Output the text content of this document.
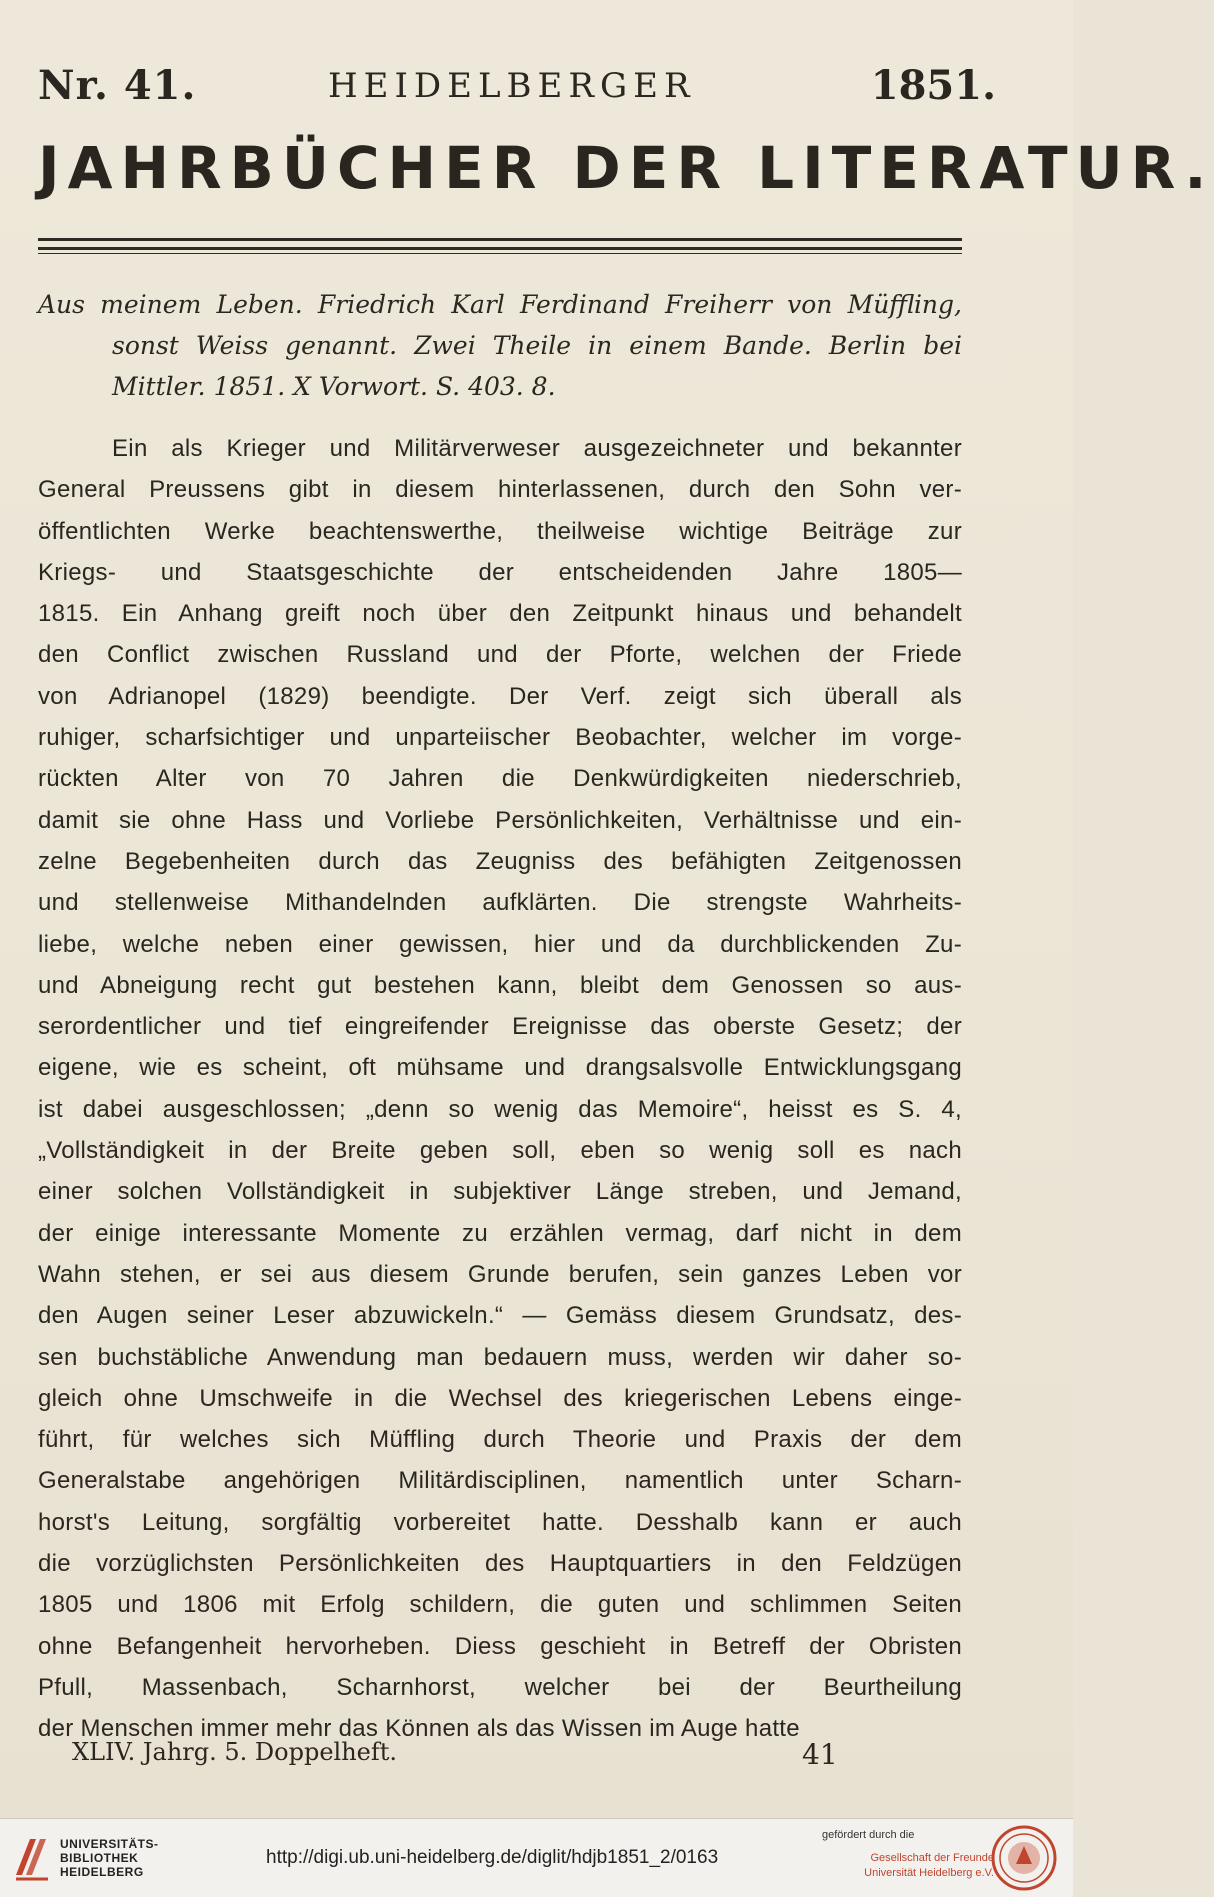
Nr. 41.	HEIDELBERGER	1851.
JAHRBÜCHER DER LITERATUR.
Aus meinem Leben. Friedrich Karl Ferdinand Freiherr von Müffling,
sonst Weiss genannt. Zwei Theile in einem Bande. Berlin bei
Mittler. 1851. X Vorwort. S. 403. 8.
Ein als Krieger und Militärverweser ausgezeichneter und bekannter
General Preussens gibt in diesem hinterlassenen, durch den Sohn ver-
öffentlichten Werke beachtenswerthe, theilweise wichtige Beiträge zur
Kriegs- und Staatsgeschichte der entscheidenden Jahre 1805—
1815. Ein Anhang greift noch über den Zeitpunkt hinaus und behandelt
den Conflict zwischen Russland und der Pforte, welchen der Friede
von Adrianopel (1829) beendigte. Der Verf. zeigt sich überall als
ruhiger, scharfsichtiger und unparteiischer Beobachter, welcher im vorge-
rückten Alter von 70 Jahren die Denkwürdigkeiten niederschrieb,
damit sie ohne Hass und Vorliebe Persönlichkeiten, Verhältnisse und ein-
zelne Begebenheiten durch das Zeugniss des befähigten Zeitgenossen
und stellenweise Mithandelnden aufklärten. Die strengste Wahrheits-
liebe, welche neben einer gewissen, hier und da durchblickenden Zu-
und Abneigung recht gut bestehen kann, bleibt dem Genossen so aus-
serordentlicher und tief eingreifender Ereignisse das oberste Gesetz; der
eigene, wie es scheint, oft mühsame und drangsalsvolle Entwicklungsgang
ist dabei ausgeschlossen; „denn so wenig das Memoire“, heisst es S. 4,
„Vollständigkeit in der Breite geben soll, eben so wenig soll es nach
einer solchen Vollständigkeit in subjektiver Länge streben, und Jemand,
der einige interessante Momente zu erzählen vermag, darf nicht in dem
Wahn stehen, er sei aus diesem Grunde berufen, sein ganzes Leben vor
den Augen seiner Leser abzuwickeln.“ — Gemäss diesem Grundsatz, des-
sen buchstäbliche Anwendung man bedauern muss, werden wir daher so-
gleich ohne Umschweife in die Wechsel des kriegerischen Lebens einge-
führt, für welches sich Müffling durch Theorie und Praxis der dem
Generalstabe angehörigen Militärdisciplinen, namentlich unter Scharn-
horst's Leitung, sorgfältig vorbereitet hatte. Desshalb kann er auch
die vorzüglichsten Persönlichkeiten des Hauptquartiers in den Feldzügen
1805 und 1806 mit Erfolg schildern, die guten und schlimmen Seiten
ohne Befangenheit hervorheben. Diess geschieht in Betreff der Obristen
Pfull, Massenbach, Scharnhorst, welcher bei der Beurtheilung
der Menschen immer mehr das Können als das Wissen im Auge hatte
XLIV. Jahrg. 5. Doppelheft.	41
UNIVERSITÄTS-
BIBLIOTHEK
HEIDELBERG
http://digi.ub.uni-heidelberg.de/diglit/hdjb1851_2/0163
gefördert durch die
Gesellschaft der Freunde
Universität Heidelberg e.V.
